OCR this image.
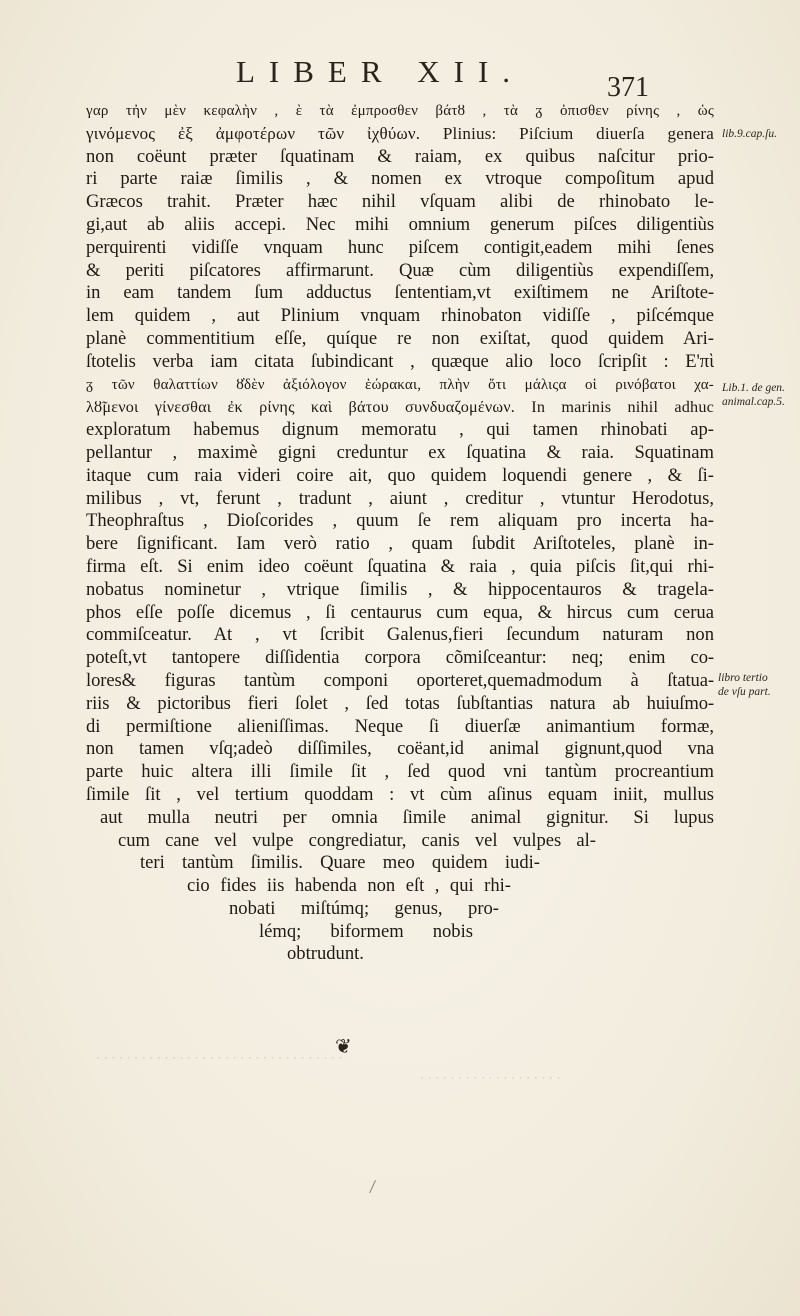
LIBER XII.	371
γαρ τἠν μὲν κεφαλὴν , ὲ τὰ ἐμπρoσθεν βάτȣ , τὰ ᵹ ὀπισθεν ρίνης , ὡς
γινόμενος ἐξ ἀμφοτέρων τῶν ἰχθύων. Plinius: Piſcium diuerſa genera
non coëunt præter ſquatinam & raiam, ex quibus naſcitur prio-
ri parte raiæ ſimilis , & nomen ex vtroque compoſitum apud
Græcos trahit. Præter hæc nihil vſquam alibi de rhinobato le-
gi,aut ab aliis accepi. Nec mihi omnium generum piſces diligentiùs
perquirenti vidiſſe vnquam hunc piſcem contigit,eadem mihi ſenes
& periti piſcatores affirmarunt. Quæ cùm diligentiùs expendiſſem,
in eam tandem ſum adductus ſententiam,vt exiſtimem ne Ariſtote-
lem quidem , aut Plinium vnquam rhinobaton vidiſſe , piſcémque
planè commentitium eſſe, quíque re non exiſtat, quod quidem Ari-
ſtotelis verba iam citata ſubindicant , quæque alio loco ſcripſit : Ε'πὶ
ᵹ τῶν θαλαττίων ȣ̓δὲν ἀξιόλογον ἑώρακαι, πλὴν ὅτι μάλιςα οἱ ρινόβατοι χα-
λȣ̃μενοι γίνεσθαι ἐκ ρίνης καὶ βάτου συνδυαζομένων. In marinis nihil adhuc
exploratum habemus dignum memoratu , qui tamen rhinobati ap-
pellantur , maximè gigni creduntur ex ſquatina & raia. Squatinam
itaque cum raia videri coire ait, quo quidem loquendi genere , & ſi-
milibus , vt, ferunt , tradunt , aiunt , creditur , vtuntur Herodotus,
Theophraſtus , Dioſcorides , quum ſe rem aliquam pro incerta ha-
bere ſignificant. Iam verò ratio , quam ſubdit Ariſtoteles, planè in-
firma eſt. Si enim ideo coëunt ſquatina & raia , quia piſcis ſit,qui rhi-
nobatus nominetur , vtrique ſimilis , & hippocentauros & tragela-
phos eſſe poſſe dicemus , ſi centaurus cum equa, & hircus cum cerua
commiſceatur. At , vt ſcribit Galenus,fieri ſecundum naturam non
poteſt,vt tantopere diſſidentia corpora cõmiſceantur: neq; enim co-
lores& figuras tantùm componi oporteret,quemadmodum à ſtatua-
riis & pictoribus fieri ſolet , ſed totas ſubſtantias natura ab huiuſmo-
di permiſtione alieniſſimas. Neque ſi diuerſæ animantium formæ,
non tamen vſq;adeò diſſimiles, coëant,id animal gignunt,quod vna
parte huic altera illi ſimile ſit , ſed quod vni tantùm procreantium
ſimile ſit , vel tertium quoddam : vt cùm aſinus equam inіit, mullus
aut mulla neutri per omnia ſimile animal gignitur. Si lupus
cum cane vel vulpe congrediatur, canis vel vulpes al-
teri tantùm ſimilis. Quare meo quidem iudi-
cio fides iis habenda non eſt , qui rhi-
nobati miſtúmq; genus, pro-
lémq; biformem nobis
obtrudunt.
lib.9.cap.ſu.
Lib.1. de gen.
animal.cap.5.
libro tertio
de vſu part.
❦
· · · · · · · · · · · · · · · · · · · · · · · · · · · · · · · · ·
· · · · · · · · · · · · · · · · · · ·
